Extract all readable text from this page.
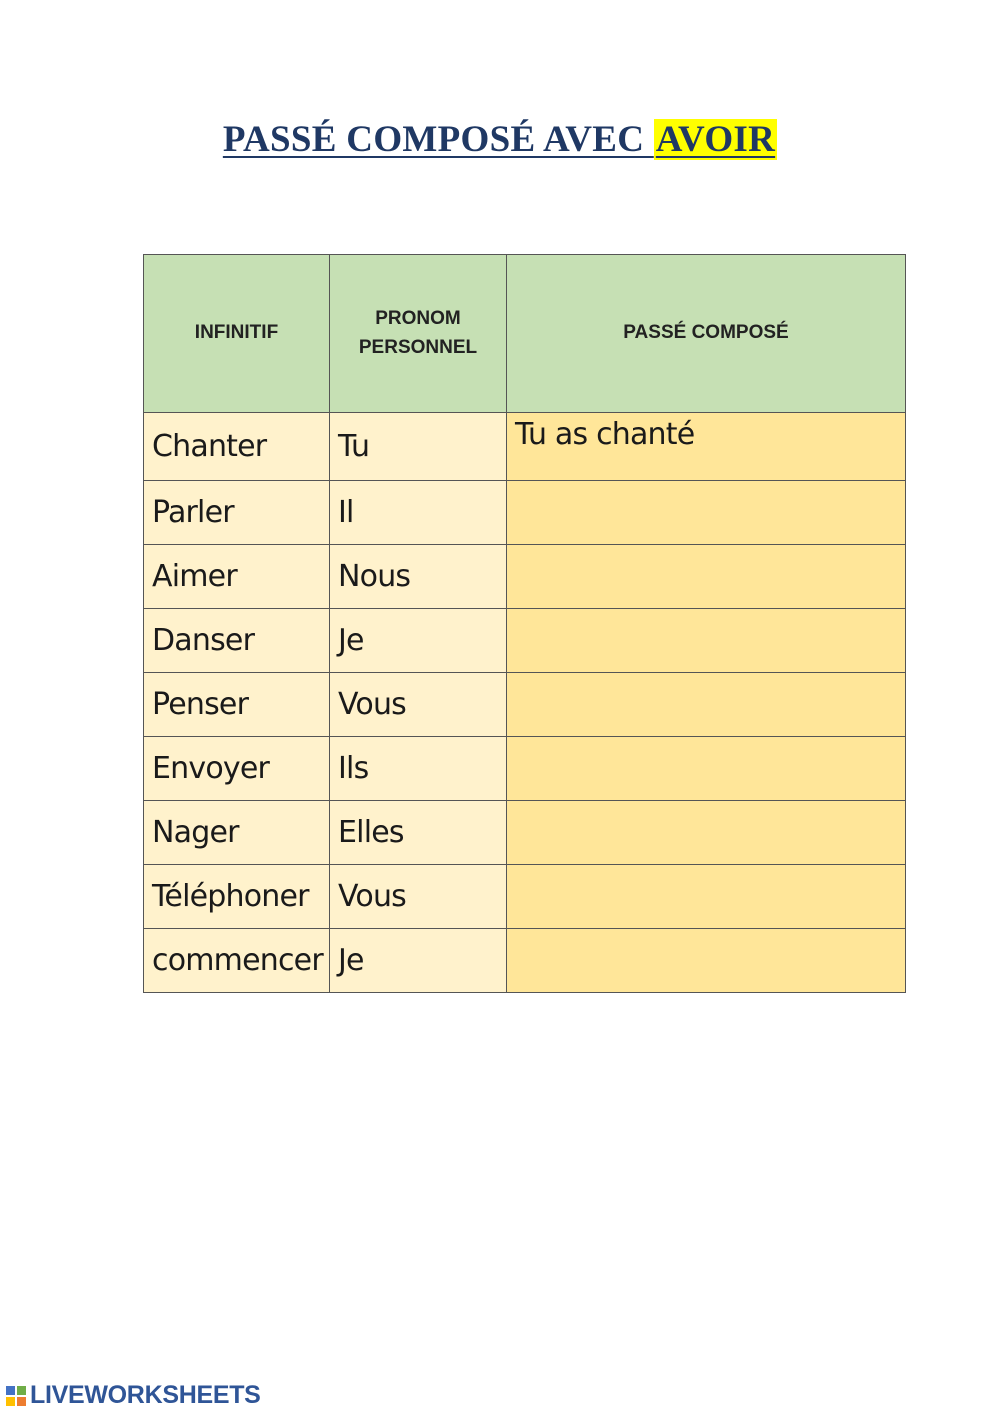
PASSÉ COMPOSÉ AVEC AVOIR
INFINITIF	PRONOM PERSONNEL	PASSÉ COMPOSÉ
Chanter	Tu	Tu as chanté
Parler	Il	
Aimer	Nous	
Danser	Je	
Penser	Vous	
Envoyer	Ils	
Nager	Elles	
Téléphoner	Vous	
commencer	Je	
LIVEWORKSHEETS
